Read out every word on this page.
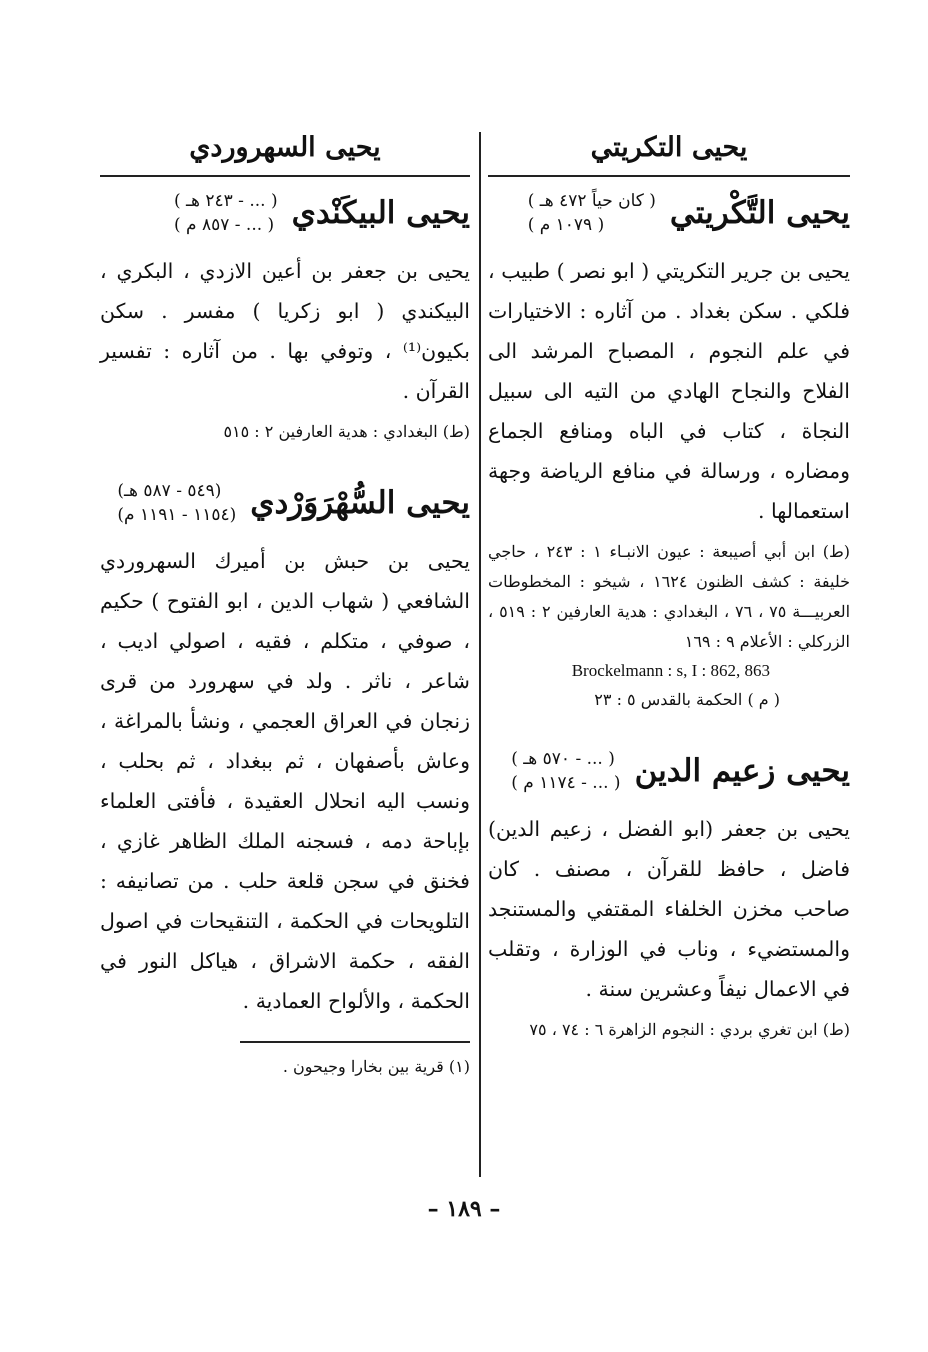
يحيى التكريتي
يحيى التَّكْريتي
( كان حياً ٤٧٢ هـ )
( ١٠٧٩ م )
يحيى بن جرير التكريتي ( ابو نصر ) طبيب ، فلكي . سكن بغداد . من آثاره : الاختيارات في علم النجوم ، المصباح المرشد الى الفلاح والنجاح الهادي من التيه الى سبيل النجاة ، كتاب في الباه ومنافع الجماع ومضاره ، ورسالة في منافع الرياضة وجهة استعمالها .
(ط) ابن أبي أصيبعة : عيون الانبـاء ١ : ٢٤٣ ، حاجي خليفة : كشف الظنون ١٦٢٤ ، شيخو : المخطوطات العربيـــة ٧٥ ، ٧٦ ، البغدادي : هدية العارفين ٢ : ٥١٩ ، الزركلي : الأعلام ٩ : ١٦٩
Brockelmann : s, I : 862, 863
( م ) الحكمة بالقدس ٥ : ٢٣
يحيى زعيم الدين
( ... - ٥٧٠ هـ )
( ... - ١١٧٤ م )
يحيى بن جعفر (ابو الفضل ، زعيم الدين) فاضل ، حافظ للقرآن ، مصنف . كان صاحب مخزن الخلفاء المقتفي والمستنجد والمستضيء ، وناب في الوزارة ، وتقلب في الاعمال نيفاً وعشرين سنة .
(ط) ابن تغري بردي : النجوم الزاهرة ٦ : ٧٤ ، ٧٥
يحيى السهروردي
يحيى البيكَنْدي
( ... - ٢٤٣ هـ )
( ... - ٨٥٧ م )
يحيى بن جعفر بن أعين الازدي ، البكري ، البيكندي ( ابو زكريا ) مفسر . سكن بكيون⁽¹⁾ ، وتوفي بها . من آثاره : تفسير القرآن .
(ط) البغدادي : هدية العارفين ٢ : ٥١٥
يحيى السُّهْرَوَرْدي
(٥٤٩ - ٥٨٧ هـ)
(١١٥٤ - ١١٩١ م)
يحيى بن حبش بن أميرك السهروردي الشافعي ( شهاب الدين ، ابو الفتوح ) حكيم ، صوفي ، متكلم ، فقيه ، اصولي اديب ، شاعر ، ناثر . ولد في سهرورد من قرى زنجان في العراق العجمي ، ونشأ بالمراغة ، وعاش بأصفهان ، ثم ببغداد ، ثم بحلب ، ونسب اليه انحلال العقيدة ، فأفتى العلماء بإباحة دمه ، فسجنه الملك الظاهر غازي ، فخنق في سجن قلعة حلب . من تصانيفه : التلويحات في الحكمة ، التنقيحات في اصول الفقه ، حكمة الاشراق ، هياكل النور في الحكمة ، والألواح العمادية .
(١) قرية بين بخارا وجيحون .
– ١٨٩ –
